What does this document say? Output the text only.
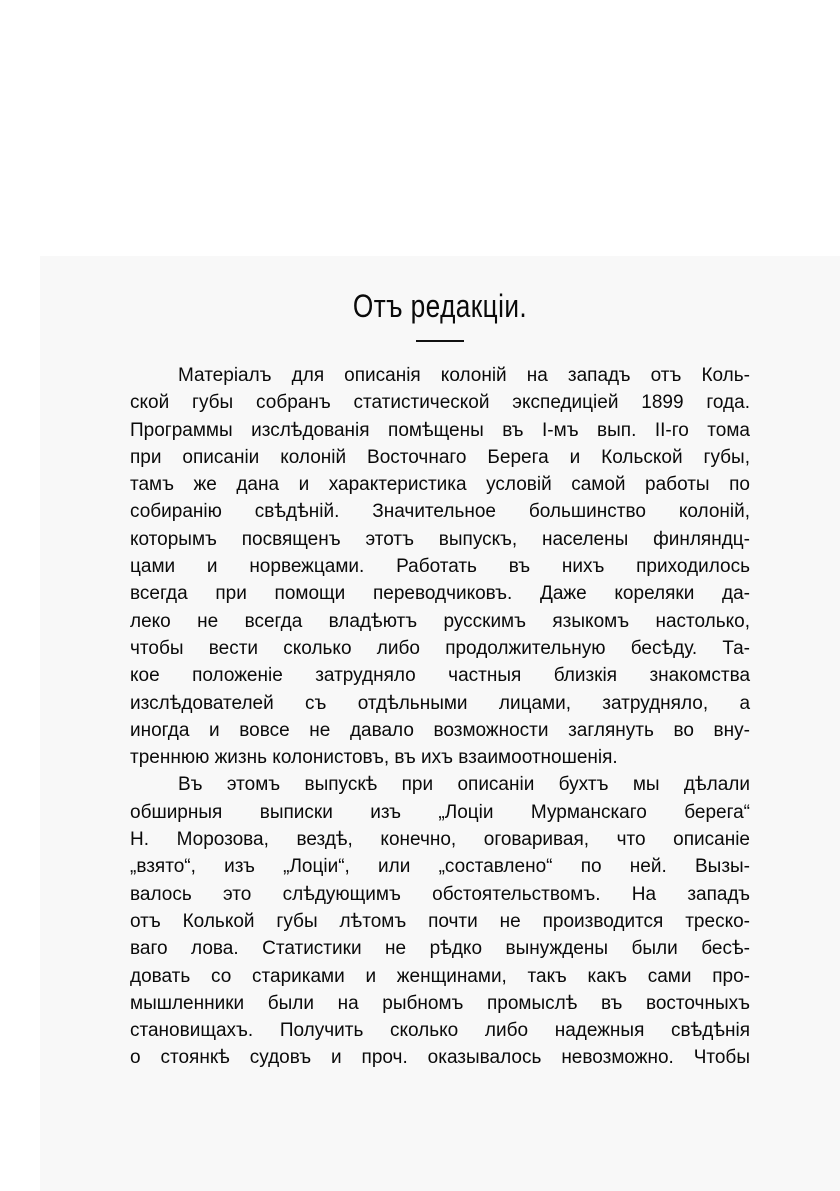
Отъ редакціи.
Матеріалъ для описанія колоній на западъ отъ Коль-
ской губы собранъ статистической экспедиціей 1899 года.
Программы изслѣдованія помѣщены въ I-мъ вып. II-го тома
при описаніи колоній Восточнаго Берега и Кольской губы,
тамъ же дана и характеристика условій самой работы по
собиранію свѣдѣній. Значительное большинство колоній,
которымъ посвященъ этотъ выпускъ, населены финляндц-
цами и норвежцами. Работать въ нихъ приходилось
всегда при помощи переводчиковъ. Даже кореляки да-
леко не всегда владѣютъ русскимъ языкомъ настолько,
чтобы вести сколько либо продолжительную бесѣду. Та-
кое положеніе затрудняло частныя близкія знакомства
изслѣдователей съ отдѣльными лицами, затрудняло, а
иногда и вовсе не давало возможности заглянуть во вну-
треннюю жизнь колонистовъ, въ ихъ взаимоотношенія.
Въ этомъ выпускѣ при описаніи бухтъ мы дѣлали
обширныя выписки изъ „Лоціи Мурманскаго берега“
Н. Морозова, вездѣ, конечно, оговаривая, что описаніе
„взято“, изъ „Лоціи“, или „составлено“ по ней. Вызы-
валось это слѣдующимъ обстоятельствомъ. На западъ
отъ Колькой губы лѣтомъ почти не производится треско-
ваго лова. Статистики не рѣдко вынуждены были бесѣ-
довать со стариками и женщинами, такъ какъ сами про-
мышленники были на рыбномъ промыслѣ въ восточныхъ
становищахъ. Получить сколько либо надежныя свѣдѣнія
о стоянкѣ судовъ и проч. оказывалось невозможно. Чтобы
